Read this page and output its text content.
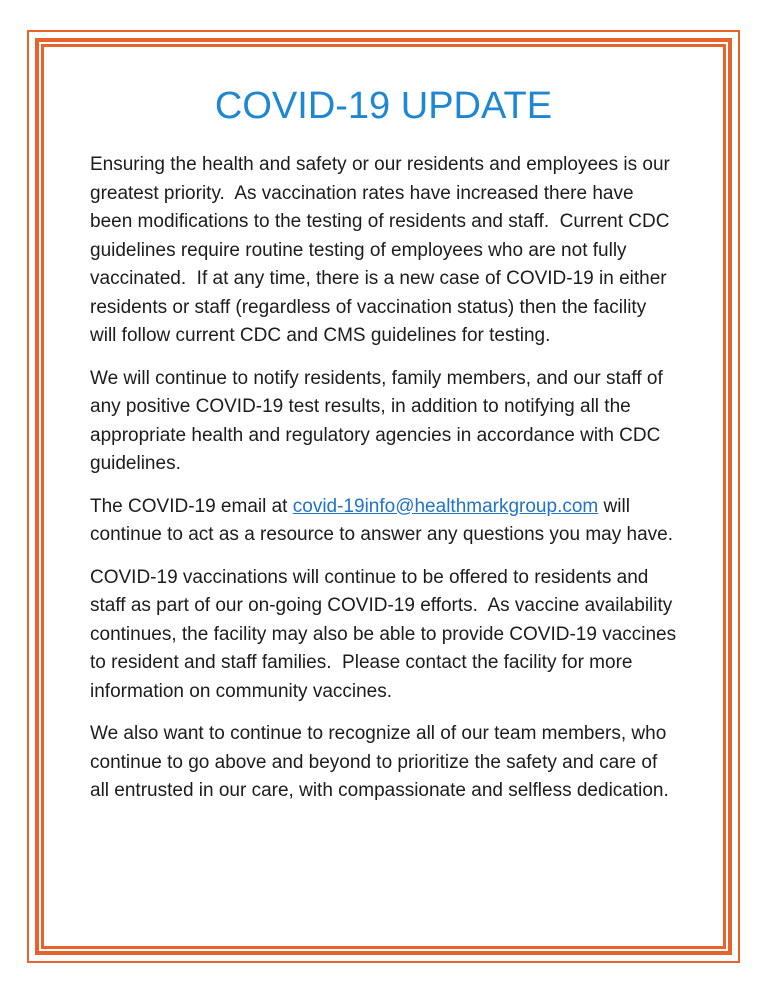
COVID-19 UPDATE

Ensuring the health and safety or our residents and employees is our greatest priority.  As vaccination rates have increased there have been modifications to the testing of residents and staff.  Current CDC guidelines require routine testing of employees who are not fully vaccinated.  If at any time, there is a new case of COVID-19 in either residents or staff (regardless of vaccination status) then the facility will follow current CDC and CMS guidelines for testing.

We will continue to notify residents, family members, and our staff of any positive COVID-19 test results, in addition to notifying all the appropriate health and regulatory agencies in accordance with CDC guidelines.

The COVID-19 email at covid-19info@healthmarkgroup.com will continue to act as a resource to answer any questions you may have.

COVID-19 vaccinations will continue to be offered to residents and staff as part of our on-going COVID-19 efforts.  As vaccine availability continues, the facility may also be able to provide COVID-19 vaccines to resident and staff families.  Please contact the facility for more information on community vaccines.

We also want to continue to recognize all of our team members, who continue to go above and beyond to prioritize the safety and care of all entrusted in our care, with compassionate and selfless dedication.
